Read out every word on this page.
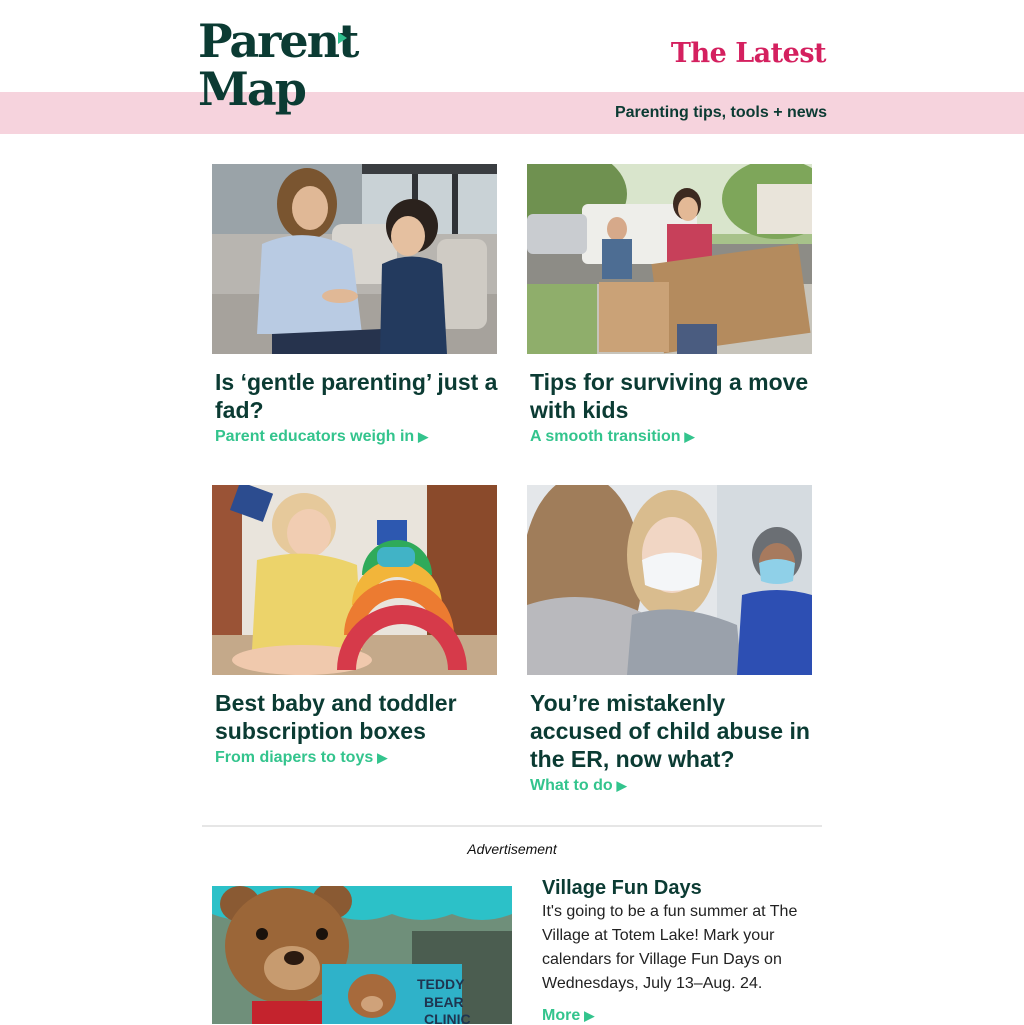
Parent
Map
The Latest
Parenting tips, tools + news
Is ‘gentle parenting’ just a fad?
Parent educators weigh in ▶
Tips for surviving a move with kids
A smooth transition ▶
Best baby and toddler subscription boxes
From diapers to toys ▶
You’re mistakenly accused of child abuse in the ER, now what?
What to do ▶
Advertisement
TEDDY
BEAR
CLINIC
Village Fun Days
It's going to be a fun summer at The Village at Totem Lake! Mark your calendars for Village Fun Days on Wednesdays, July 13–Aug. 24.
More ▶
